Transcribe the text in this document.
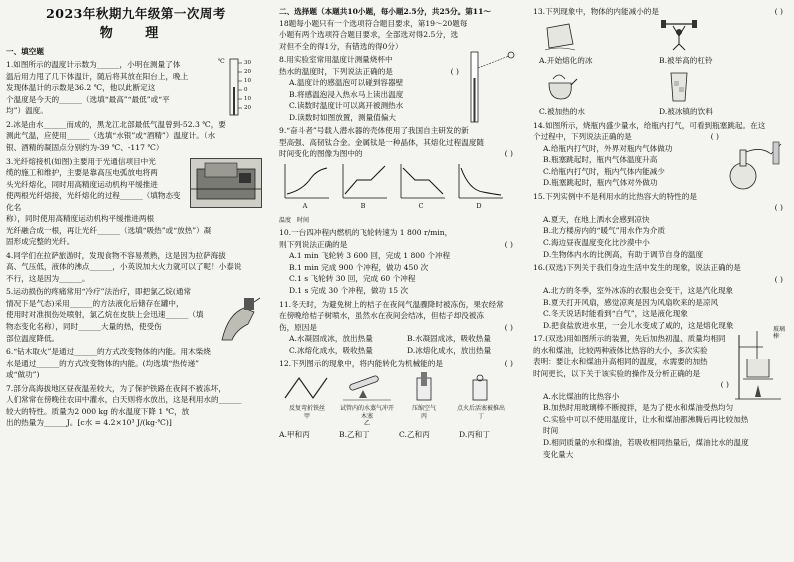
2023年秋期九年级第一次周考
物 理

一、填空题

1.如图所示的温度计示数为______，小明在测量了体

温后用力甩了几下体温计，随后将其放在阳台上，晚上

发现体温计的示数是36.2 ℃，他以此断定这

个温度是今天的______（选填“最高”“最低”或“平

均”）温度。

℃	30
20
10
0
10
20

2.冰是由水______而成的，黑龙江北部最低气温曾到-52.3 ℃，要

测此气温，应使用______（选填“水银”或“酒精”）温度计。（水

银、酒精的凝固点分别约为-39 ℃、-117 ℃）

3.光纤熔接机(如图)主要用于光通信项目中光

缆的施工和维护，主要是靠高压电弧放电将两

头光纤熔化，同时用高精度运动机构平缓推进

使两根光纤熔接，光纤熔化的过程______（填物态变化名

称），同时使用高精度运动机构平缓推进两根

光纤融合成一根，再让光纤______（选填“吸热”或“放热”）凝

固形成完整的光纤。

4.同学们在拉萨旅游时，发现食物不容易煮熟，这是因为拉萨海拔

高、气压低，液体的沸点______，小英说加大火力就可以了呢！小泰说

不行，这是因为______。

5.运动损伤的疼痛常用“冷疗”法治疗，即把氯乙烷(通常

情况下是气态)采用______的方法液化后储存在罐中，

使用时对准损伤处喷射，氯乙烷在皮肤上会迅速______（填

物态变化名称），同时______大量的热，使受伤

部位温度降低。

6.“钻木取火”是通过______的方式改变物体的内能。用木柴烧

水是通过______的方式改变物体的内能。(均选填“热传递”

或“做功”)

7.部分高海拔地区昼夜温差较大，为了保护铁路在夜间不被冻坏，

人们常常在傍晚往农田中灌水，白天则将水放出，这是利用水的______

较大的特性。质量为2 000 kg 的水温度下降 1 ℃，放

出的热量为______J。[c水 = 4.2×10³ J/(kg·℃)]

二、选择题（本题共10小题，每小题2.5分，共25分。第11～

18题每小题只有一个选项符合题目要求，第19～20题每

小题有两个选项符合题目要求，全部选对得2.5分，选

对但不全的得1分，有错选的得0分）

8.用实验室常用温度计测量烧杯中

热水的温度时，下列说法正确的是

A.温度计的感温泡可以碰到容器壁

B.将感温泡浸入热水马上读出温度

C.读数时温度计可以离开被测热水

D.读数时如图放置，测量值偏大

( )

9.“奋斗者”号载人潜水器的壳体使用了我国自主研发的新

型高强、高韧钛合金。金属钛是一种晶体，其熔化过程温度随

时间变化的图像为图中的	( )

A	B	C	D
温度 时间

10.一台四冲程内燃机的飞轮转速为 1 800 r/min，

则下列说法正确的是	( )

A.1 min 飞轮转 3 600 回，完成 1 800 个冲程

B.1 min 完成 900 个冲程，做功 450 次

C.1 s 飞轮转 30 回，完成 60 个冲程

D.1 s 完成 30 个冲程，做功 15 次

11.冬天时，为避免树上的桔子在夜间气温骤降时被冻伤，果农经常

在傍晚给桔子树喷水，虽然水在夜间会结冰，但桔子却没被冻

伤，原因是	( )

A.水凝固成冰，放出热量	B.水凝固成冰，吸收热量
C.冰熔化成水，吸收热量	D.冰熔化成水，放出热量

12.下列图示的现象中，将内能转化为机械能的是	( )

反复弯折铁丝
甲
试管内的水蒸气冲开木塞
乙
压缩空气
丙
点火后活塞被推出
丁
A.甲和丙	B.乙和丁	C.乙和丙	D.丙和丁

13.下列现象中，物体的内能减小的是	( )

A.开始熔化的冰	B.被举高的杠铃
C.被加热的水	D.被冰镇的饮料

14.如图所示，烧瓶内盛少量水，给瓶内打气，可看到瓶塞跳起。在这

个过程中，下列说法正确的是	( )

A.给瓶内打气时，外界对瓶内气体做功

B.瓶塞跳起时，瓶内气体温度升高

C.给瓶内打气时，瓶内气体内能减少

D.瓶塞跳起时，瓶内气体对外做功

15.下列实例中不是利用水的比热容大的特性的是

( )

A.夏天，在地上洒水会感到凉快

B.北方楼房内的“暖气”用水作为介质

C.海边昼夜温度变化比沙漠中小

D.生物体内水的比例高，有助于调节自身的温度

16.(双选)下列关于我们身边生活中发生的现象，说法正确的是

( )

A.北方的冬季，室外冰冻的衣服也会变干，这是汽化现象

B.夏天打开风扇，感觉凉爽是因为风扇吹来的是凉风

C.冬天说话时能看到“白气”，这是液化现象

D.把食盐放进水里，一会儿水变成了咸的，这是熔化现象

17.(双选)用如图所示的装置，先后加热初温、质量均相同

的水和煤油，比较两种液体比热容的大小，多次实验

表明：要让水和煤油升高相同的温度，水需要的加热

时间更长，以下关于该实验的操作及分析正确的是

( )

A.水比煤油的比热容小

B.加热时用玻璃棒不断搅拌，是为了使水和煤油受热均匀

C.实验中可以不使用温度计，让水和煤油都沸腾后再比较加热

时间

D.相同质量的水和煤油，若吸收相同热量后，煤油比水的温度

变化量大

玻璃棒
